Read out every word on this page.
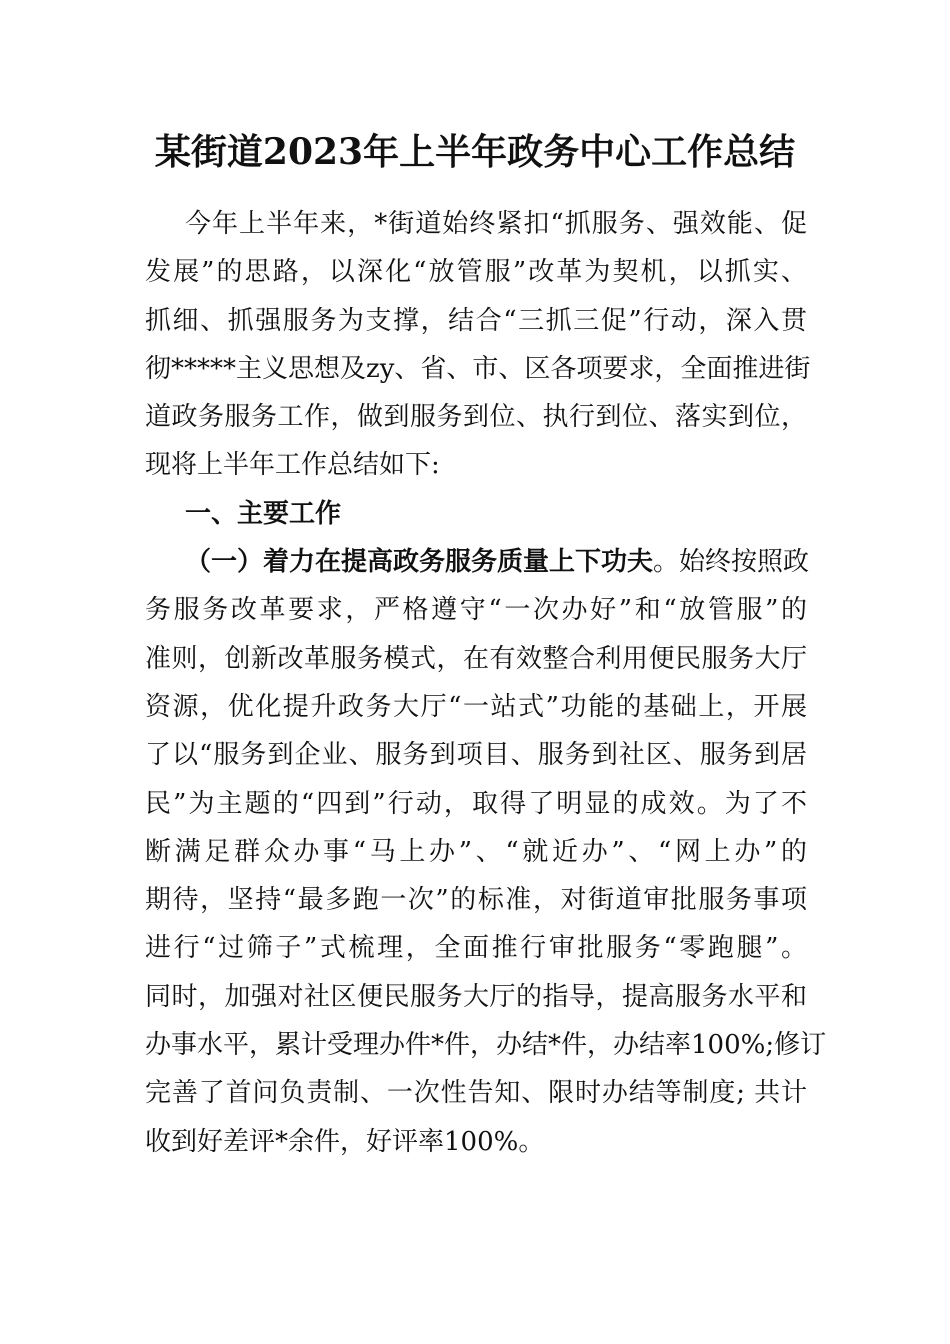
某街道2023年上半年政务中心工作总结
今年上半年来，*街道始终紧扣“抓服务、强效能、促
发展”的思路，以深化“放管服”改革为契机，以抓实、
抓细、抓强服务为支撑，结合“三抓三促”行动，深入贯
彻*****主义思想及zy、省、市、区各项要求，全面推进街
道政务服务工作，做到服务到位、执行到位、落实到位，
现将上半年工作总结如下:
一、主要工作
（一）着力在提高政务服务质量上下功夫。始终按照政
务服务改革要求，严格遵守“一次办好”和“放管服”的
准则，创新改革服务模式，在有效整合利用便民服务大厅
资源，优化提升政务大厅“一站式”功能的基础上，开展
了以“服务到企业、服务到项目、服务到社区、服务到居
民”为主题的“四到”行动，取得了明显的成效。为了不
断满足群众办事“马上办”、“就近办”、“网上办”的
期待，坚持“最多跑一次”的标准，对街道审批服务事项
进行“过筛子”式梳理，全面推行审批服务“零跑腿”。
同时，加强对社区便民服务大厅的指导，提高服务水平和
办事水平，累计受理办件*件，办结*件，办结率100%;修订
完善了首问负责制、一次性告知、限时办结等制度; 共计
收到好差评*余件，好评率100%。
